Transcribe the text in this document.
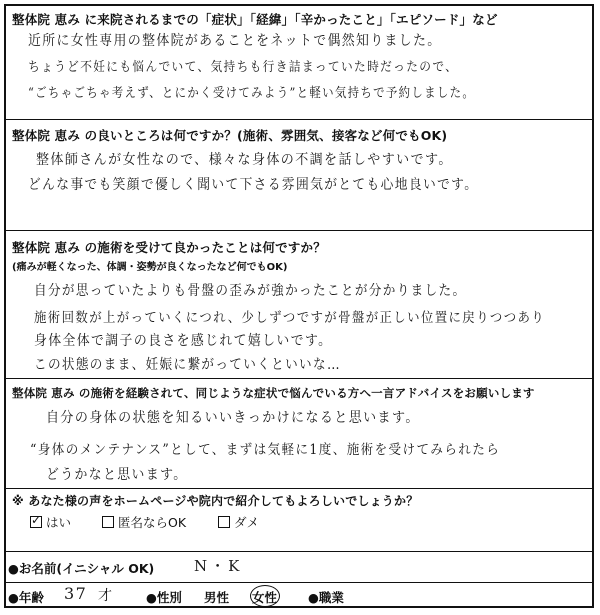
整体院 恵み に来院されるまでの「症状」「経緯」「辛かったこと」「エピソード」など
近所に女性専用の整体院があることをネットで偶然知りました。
ちょうど不妊にも悩んでいて、気持ちも行き詰まっていた時だったので、
“ごちゃごちゃ考えず、とにかく受けてみよう”と軽い気持ちで予約しました。
整体院 恵み の良いところは何ですか？(施術、雰囲気、接客など何でもOK)
整体師さんが女性なので、様々な身体の不調を話しやすいです。
どんな事でも笑顔で優しく聞いて下さる雰囲気がとても心地良いです。
整体院 恵み の施術を受けて良かったことは何ですか？
(痛みが軽くなった、体調・姿勢が良くなったなど何でもOK)
自分が思っていたよりも骨盤の歪みが強かったことが分かりました。
施術回数が上がっていくにつれ、少しずつですが骨盤が正しい位置に戻りつつあり
身体全体で調子の良さを感じれて嬉しいです。
この状態のまま、妊娠に繋がっていくといいな…
整体院 恵み の施術を経験されて、同じような症状で悩んでいる方へ一言アドバイスをお願いします
自分の身体の状態を知るいいきっかけになると思います。
“身体のメンテナンス”として、まずは気軽に1度、施術を受けてみられたら
どうかなと思います。
※ あなた様の声をホームページや院内で紹介してもよろしいでしょうか？
✓ はい	匿名ならOK	ダメ
●お名前(イニシャル OK)	N・K
●年齢 37 才	●性別 男性 女性 ●職業
